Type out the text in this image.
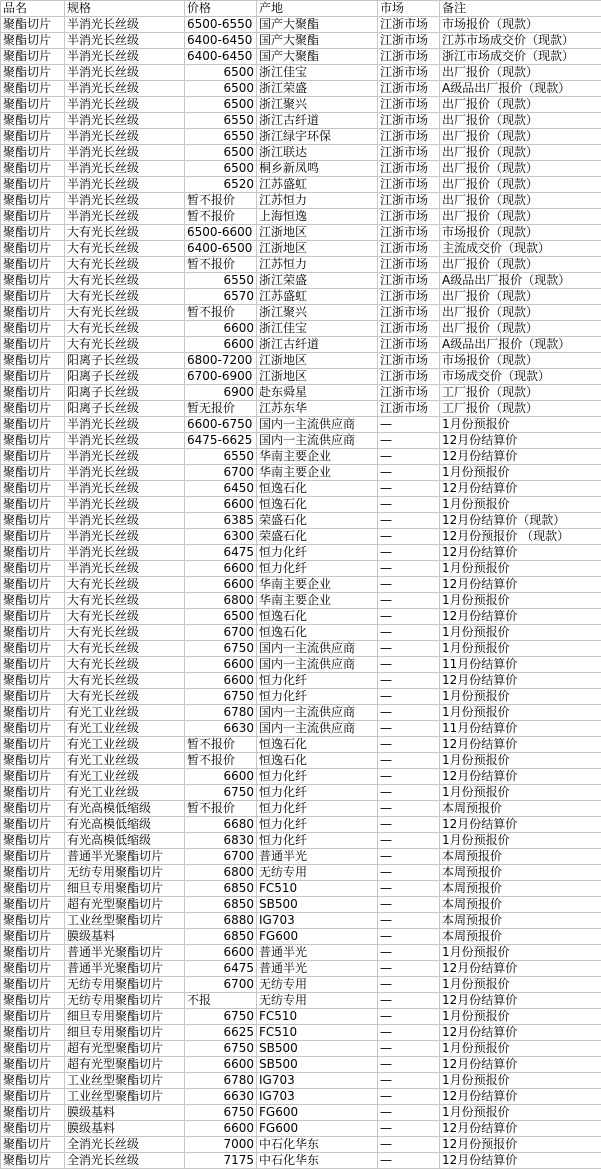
品名	规格	价格	产地	市场	备注
聚酯切片	半消光长丝级	6500-6550	国产大聚酯	江浙市场	市场报价（现款）
聚酯切片	半消光长丝级	6400-6450	国产大聚酯	江浙市场	江苏市场成交价（现款）
聚酯切片	半消光长丝级	6400-6450	国产大聚酯	江浙市场	浙江市场成交价（现款）
聚酯切片	半消光长丝级	6500	浙江佳宝	江浙市场	出厂报价（现款）
聚酯切片	半消光长丝级	6500	浙江荣盛	江浙市场	A级品出厂报价（现款）
聚酯切片	半消光长丝级	6500	浙江聚兴	江浙市场	出厂报价（现款）
聚酯切片	半消光长丝级	6550	浙江古纤道	江浙市场	出厂报价（现款）
聚酯切片	半消光长丝级	6550	浙江绿宇环保	江浙市场	出厂报价（现款）
聚酯切片	半消光长丝级	6500	浙江联达	江浙市场	出厂报价（现款）
聚酯切片	半消光长丝级	6500	桐乡新凤鸣	江浙市场	出厂报价（现款）
聚酯切片	半消光长丝级	6520	江苏盛虹	江浙市场	出厂报价（现款）
聚酯切片	半消光长丝级	暂不报价	江苏恒力	江浙市场	出厂报价（现款）
聚酯切片	半消光长丝级	暂不报价	上海恒逸	江浙市场	出厂报价（现款）
聚酯切片	大有光长丝级	6500-6600	江浙地区	江浙市场	市场报价（现款）
聚酯切片	大有光长丝级	6400-6500	江浙地区	江浙市场	主流成交价（现款）
聚酯切片	大有光长丝级	暂不报价	江苏恒力	江浙市场	出厂报价（现款）
聚酯切片	大有光长丝级	6550	浙江荣盛	江浙市场	A级品出厂报价（现款）
聚酯切片	大有光长丝级	6570	江苏盛虹	江浙市场	出厂报价（现款）
聚酯切片	大有光长丝级	暂不报价	浙江聚兴	江浙市场	出厂报价（现款）
聚酯切片	大有光长丝级	6600	浙江佳宝	江浙市场	出厂报价（现款）
聚酯切片	大有光长丝级	6600	浙江古纤道	江浙市场	A级品出厂报价（现款）
聚酯切片	阳离子长丝级	6800-7200	江浙地区	江浙市场	市场报价（现款）
聚酯切片	阳离子长丝级	6700-6900	江浙地区	江浙市场	市场成交价（现款）
聚酯切片	阳离子长丝级	6900	赴东舜星	江浙市场	工厂报价（现款）
聚酯切片	阳离子长丝级	暂无报价	江苏东华	江浙市场	工厂报价（现款）
聚酯切片	半消光长丝级	6600-6750	国内一主流供应商	—	1月份预报价
聚酯切片	半消光长丝级	6475-6625	国内一主流供应商	—	12月份结算价
聚酯切片	半消光长丝级	6550	华南主要企业	—	12月份结算价
聚酯切片	半消光长丝级	6700	华南主要企业	—	1月份预报价
聚酯切片	半消光长丝级	6450	恒逸石化	—	12月份结算价
聚酯切片	半消光长丝级	6600	恒逸石化	—	1月份预报价
聚酯切片	半消光长丝级	6385	荣盛石化	—	12月份结算价（现款）
聚酯切片	半消光长丝级	6300	荣盛石化	—	12月份预报价 （现款）
聚酯切片	半消光长丝级	6475	恒力化纤	—	12月份结算价
聚酯切片	半消光长丝级	6600	恒力化纤	—	1月份预报价
聚酯切片	大有光长丝级	6600	华南主要企业	—	12月份结算价
聚酯切片	大有光长丝级	6800	华南主要企业	—	1月份预报价
聚酯切片	大有光长丝级	6500	恒逸石化	—	12月份结算价
聚酯切片	大有光长丝级	6700	恒逸石化	—	1月份预报价
聚酯切片	大有光长丝级	6750	国内一主流供应商	—	1月份预报价
聚酯切片	大有光长丝级	6600	国内一主流供应商	—	11月份结算价
聚酯切片	大有光长丝级	6600	恒力化纤	—	12月份结算价
聚酯切片	大有光长丝级	6750	恒力化纤	—	1月份预报价
聚酯切片	有光工业丝级	6780	国内一主流供应商	—	1月份预报价
聚酯切片	有光工业丝级	6630	国内一主流供应商	—	11月份结算价
聚酯切片	有光工业丝级	暂不报价	恒逸石化	—	12月份结算价
聚酯切片	有光工业丝级	暂不报价	恒逸石化	—	1月份预报价
聚酯切片	有光工业丝级	6600	恒力化纤	—	12月份结算价
聚酯切片	有光工业丝级	6750	恒力化纤	—	1月份预报价
聚酯切片	有光高模低缩级	暂不报价	恒力化纤	—	本周预报价
聚酯切片	有光高模低缩级	6680	恒力化纤	—	12月份结算价
聚酯切片	有光高模低缩级	6830	恒力化纤	—	1月份预报价
聚酯切片	普通半光聚酯切片	6700	普通半光	—	本周预报价
聚酯切片	无纺专用聚酯切片	6800	无纺专用	—	本周预报价
聚酯切片	细旦专用聚酯切片	6850	FC510	—	本周预报价
聚酯切片	超有光型聚酯切片	6850	SB500	—	本周预报价
聚酯切片	工业丝型聚酯切片	6880	IG703	—	本周预报价
聚酯切片	膜级基料	6850	FG600	—	本周预报价
聚酯切片	普通半光聚酯切片	6600	普通半光	—	1月份预报价
聚酯切片	普通半光聚酯切片	6475	普通半光	—	12月份结算价
聚酯切片	无纺专用聚酯切片	6700	无纺专用	—	1月份预报价
聚酯切片	无纺专用聚酯切片	不报	无纺专用	—	12月份结算价
聚酯切片	细旦专用聚酯切片	6750	FC510	—	1月份预报价
聚酯切片	细旦专用聚酯切片	6625	FC510	—	12月份结算价
聚酯切片	超有光型聚酯切片	6750	SB500	—	1月份预报价
聚酯切片	超有光型聚酯切片	6600	SB500	—	12月份结算价
聚酯切片	工业丝型聚酯切片	6780	IG703	—	1月份预报价
聚酯切片	工业丝型聚酯切片	6630	IG703	—	12月份结算价
聚酯切片	膜级基料	6750	FG600	—	1月份预报价
聚酯切片	膜级基料	6600	FG600	—	12月份结算价
聚酯切片	全消光长丝级	7000	中石化华东	—	12月份预报价
聚酯切片	全消光长丝级	7175	中石化华东	—	12月份结算价
